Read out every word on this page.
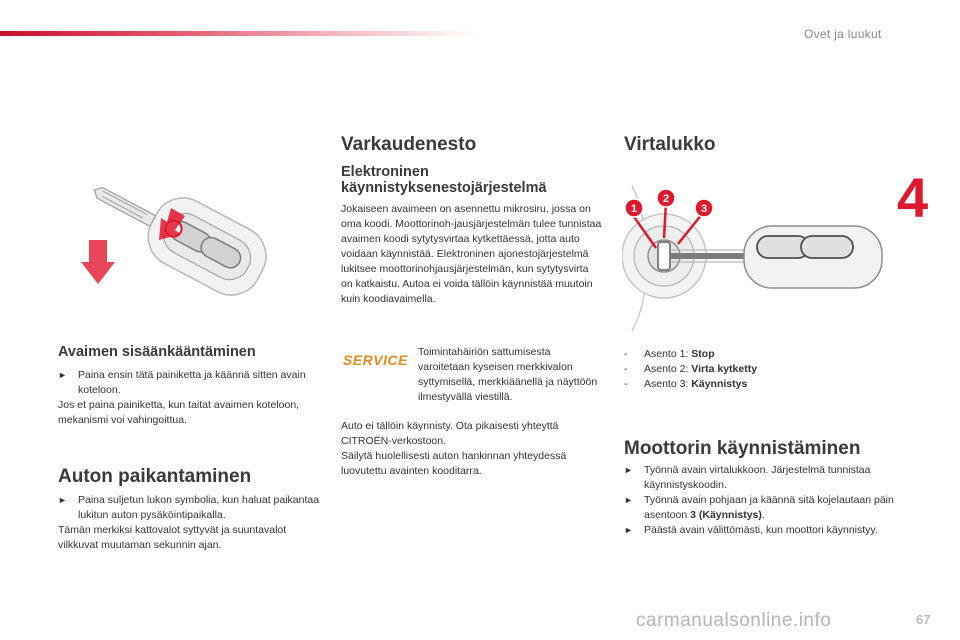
Ovet ja luukut
4
Avaimen sisäänkääntäminen
►	Paina ensin tätä painiketta ja käännä sitten avain koteloon.
Jos et paina painiketta, kun taitat avaimen koteloon, mekanismi voi vahingoittua.
Auton paikantaminen
►	Paina suljetun lukon symbolia, kun haluat paikantaa lukitun auton pysäköintipaikalla.
Tämän merkiksi kattovalot syttyvät ja suuntavalot vilkkuvat muutaman sekunnin ajan.
Varkaudenesto
Elektroninen käynnistyksenestojärjestelmä
Jokaiseen avaimeen on asennettu mikrosiru, jossa on oma koodi. Moottorinoh-jausjärjestelmän tulee tunnistaa avaimen koodi sytytysvirtaa kytkettäessä, jotta auto voidaan käynnistää. Elektroninen ajonestojärjestelmä lukitsee moottorinohjausjärjestelmän, kun sytytysvirta on katkaistu. Autoa ei voida tällöin käynnistää muutoin kuin koodiavaimella.
SERVICE Toimintahäiriön sattumisesta varoitetaan kyseisen merkkivalon syttymisellä, merkkiäänellä ja näyttöön ilmestyvällä viestillä.
Auto ei tällöin käynnisty. Ota pikaisesti yhteyttä CITROËN-verkostoon.
Säilytä huolellisesti auton hankinnan yhteydessä luovutettu avainten kooditarra.
Virtalukko
1
2
3
-	Asento 1: Stop
-	Asento 2: Virta kytketty
-	Asento 3: Käynnistys
Moottorin käynnistäminen
►	Työnnä avain virtalukkoon. Järjestelmä tunnistaa käynnistyskoodin.
►	Työnnä avain pohjaan ja käännä sitä kojelautaan päin asentoon 3 (Käynnistys).
►	Päästä avain välittömästi, kun moottori käynnistyy.
carmanualsonline.info	67
